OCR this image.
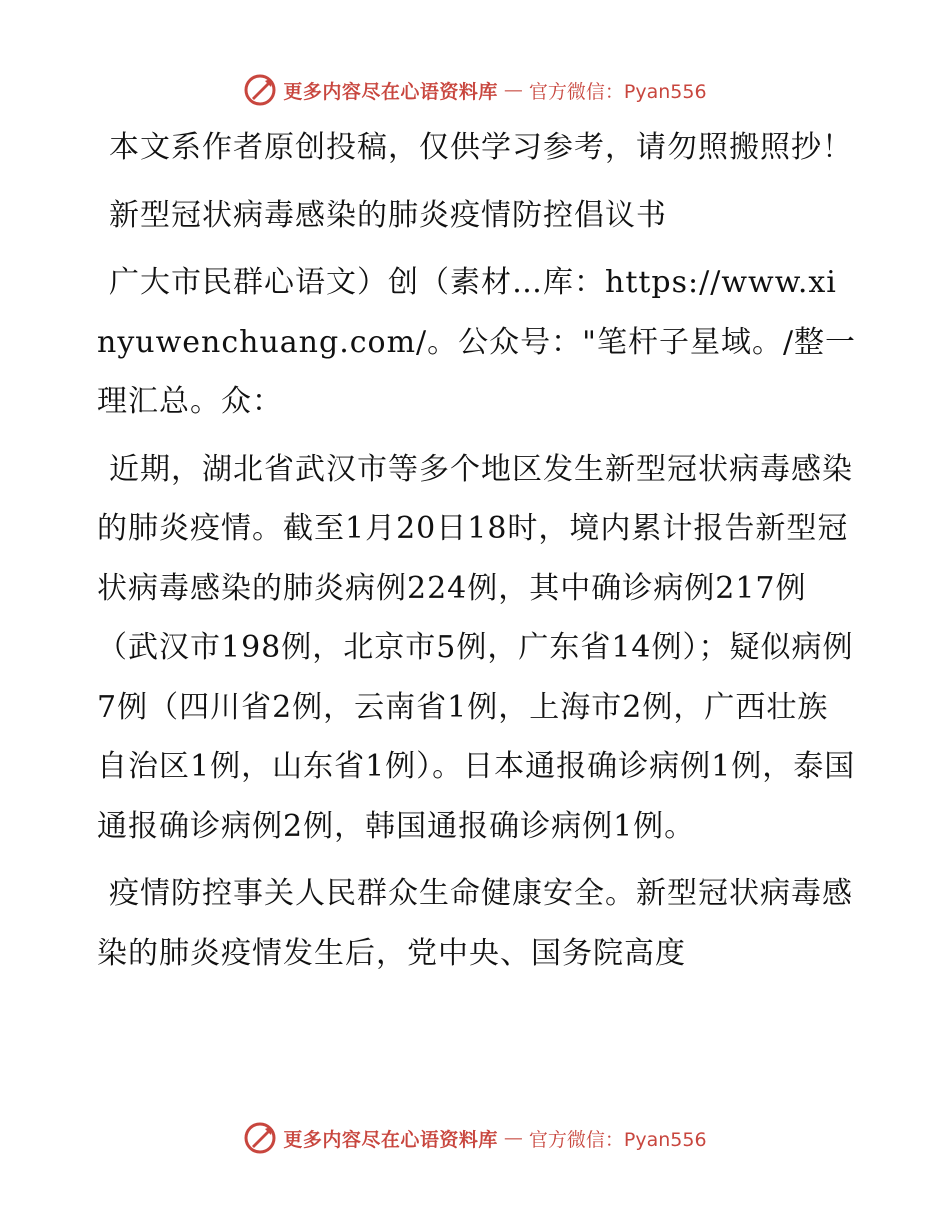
更多内容尽在心语资料库 — 官方微信：Pyan556

本文系作者原创投稿，仅供学习参考，请勿照搬照抄！

新型冠状病毒感染的肺炎疫情防控倡议书

广大市民群心语文）创（素材…库：https://www.xinyuwenchuang.com/。公众号："笔杆子星域。/整一理汇总。众：

近期，湖北省武汉市等多个地区发生新型冠状病毒感染的肺炎疫情。截至1月20日18时，境内累计报告新型冠状病毒感染的肺炎病例224例，其中确诊病例217例（武汉市198例，北京市5例，广东省14例）；疑似病例7例（四川省2例，云南省1例，上海市2例，广西壮族自治区1例，山东省1例）。日本通报确诊病例1例，泰国通报确诊病例2例，韩国通报确诊病例1例。

疫情防控事关人民群众生命健康安全。新型冠状病毒感染的肺炎疫情发生后，党中央、国务院高度

更多内容尽在心语资料库 — 官方微信：Pyan556
